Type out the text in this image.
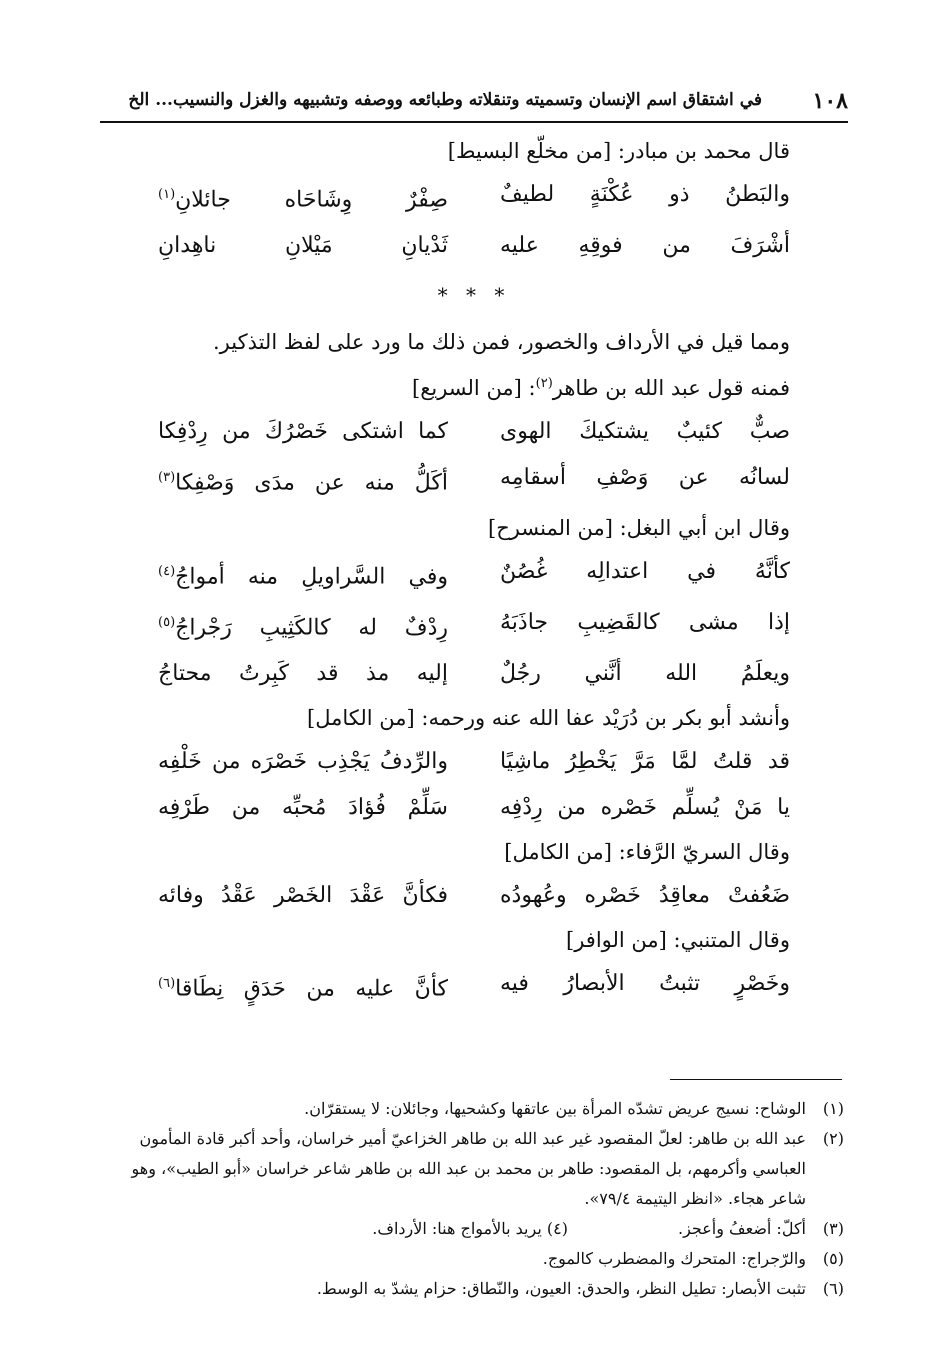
١٠٨
في اشتقاق اسم الإنسان وتسميته وتنقلاته وطبائعه ووصفه وتشبيهه والغزل والنسيب... الخ

قال محمد بن مبادر: [من مخلّع البسيط]

والبَطنُ ذو عُكْنَةٍ لطيفٌ
صِفْرٌ وِشَاحَاه جائلانِ$^{(١)}$
أشْرَفَ من فوقِهِ عليه
ثَدْيانِ مَيْلانِ ناهِدانِ
* * *

ومما قيل في الأرداف والخصور، فمن ذلك ما ورد على لفظ التذكير.

فمنه قول عبد الله بن طاهر$^{(٢)}$: [من السريع]

صبٌّ كئيبٌ يشتكيكَ الهوى
كما اشتكى خَصْرُكَ من رِدْفِكا
لسانُه عن وَصْفِ أسقامِه
أكَلُّ منه عن مدَى وَصْفِكا$^{(٣)}$

وقال ابن أبي البغل: [من المنسرح]

كأنَّهُ في اعتدالِه غُصُنٌ
وفي السَّراويلِ منه أمواجُ$^{(٤)}$
إذا مشى كالقَضِيبِ جاذَبَهُ
رِدْفٌ له كالكَثِيبِ رَجْراجُ$^{(٥)}$
ويعلَمُ الله أنَّني رجُلٌ
إليه مذ قد كَبِرتُ محتاجُ

وأنشد أبو بكر بن دُرَيْد عفا الله عنه ورحمه: [من الكامل]

قد قلتُ لمَّا مَرَّ يَخْطِرُ ماشِيًا
والرِّدفُ يَجْذِب خَصْرَه من خَلْفِه
يا مَنْ يُسلِّم خَصْره من رِدْفِه
سَلِّمْ فُؤادَ مُحبِّه من طَرْفِه

وقال السريّ الرَّفاء: [من الكامل]

ضَعُفتْ معاقِدُ خَصْره وعُهودُه
فكأنَّ عَقْدَ الخَصْر عَقْدُ وفائه

وقال المتنبي: [من الوافر]

وخَصْرٍ تثبتُ الأبصارُ فيه
كأنَّ عليه من حَدَقٍ نِطَاقا$^{(٦)}$
(١)
الوشاح: نسيج عريض تشدّه المرأة بين عاتقها وكشحيها، وجائلان: لا يستقرّان.
(٢)
عبد الله بن طاهر: لعلّ المقصود غير عبد الله بن طاهر الخزاعيّ أمير خراسان، وأحد أكبر قادة المأمون العباسي وأكرمهم، بل المقصود: طاهر بن محمد بن عبد الله بن طاهر شاعر خراسان «أبو الطيب»، وهو شاعر هجاء. «انظر اليتيمة ٧٩/٤».
(٣)
أكلّ: أضعفُ وأعجز.(٤) يريد بالأمواج هنا: الأرداف.
(٥)
والرّجراج: المتحرك والمضطرب كالموج.
(٦)
تثبت الأبصار: تطيل النظر، والحدق: العيون، والنّطاق: حزام يشدّ به الوسط.
